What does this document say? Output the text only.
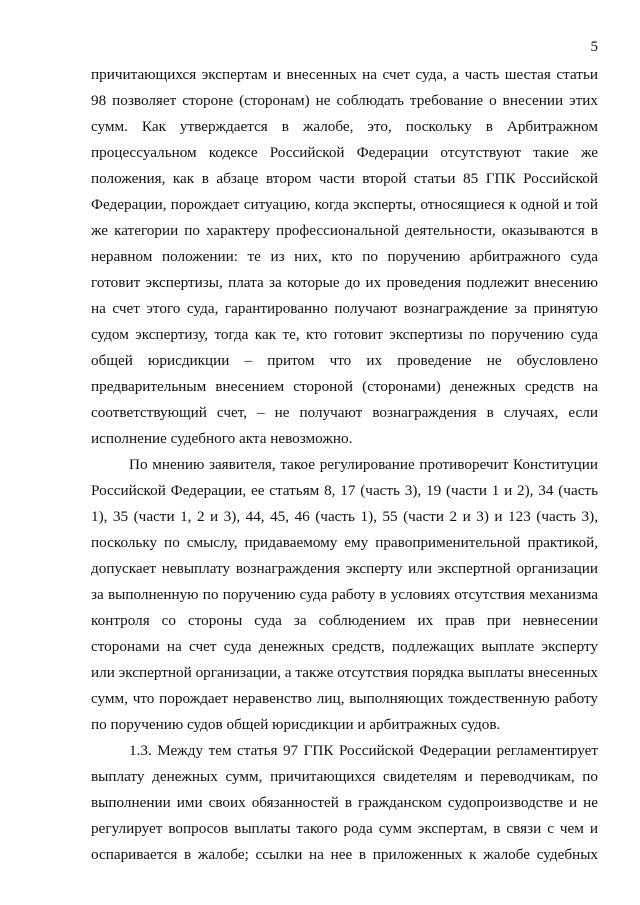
5
причитающихся экспертам и внесенных на счет суда, а часть шестая статьи
98 позволяет стороне (сторонам) не соблюдать требование о внесении этих
сумм. Как утверждается в жалобе, это, поскольку в Арбитражном
процессуальном кодексе Российской Федерации отсутствуют такие же
положения, как в абзаце втором части второй статьи 85 ГПК Российской
Федерации, порождает ситуацию, когда эксперты, относящиеся к одной и той
же категории по характеру профессиональной деятельности, оказываются в
неравном положении: те из них, кто по поручению арбитражного суда
готовит экспертизы, плата за которые до их проведения подлежит внесению
на счет этого суда, гарантированно получают вознаграждение за принятую
судом экспертизу, тогда как те, кто готовит экспертизы по поручению суда
общей юрисдикции – притом что их проведение не обусловлено
предварительным внесением стороной (сторонами) денежных средств на
соответствующий счет, – не получают вознаграждения в случаях, если
исполнение судебного акта невозможно.
По мнению заявителя, такое регулирование противоречит Конституции
Российской Федерации, ее статьям 8, 17 (часть 3), 19 (части 1 и 2), 34 (часть
1), 35 (части 1, 2 и 3), 44, 45, 46 (часть 1), 55 (части 2 и 3) и 123 (часть 3),
поскольку по смыслу, придаваемому ему правоприменительной практикой,
допускает невыплату вознаграждения эксперту или экспертной организации
за выполненную по поручению суда работу в условиях отсутствия механизма
контроля со стороны суда за соблюдением их прав при невнесении
сторонами на счет суда денежных средств, подлежащих выплате эксперту
или экспертной организации, а также отсутствия порядка выплаты внесенных
сумм, что порождает неравенство лиц, выполняющих тождественную работу
по поручению судов общей юрисдикции и арбитражных судов.
1.3. Между тем статья 97 ГПК Российской Федерации регламентирует
выплату денежных сумм, причитающихся свидетелям и переводчикам, по
выполнении ими своих обязанностей в гражданском судопроизводстве и не
регулирует вопросов выплаты такого рода сумм экспертам, в связи с чем и
оспаривается в жалобе; ссылки на нее в приложенных к жалобе судебных
